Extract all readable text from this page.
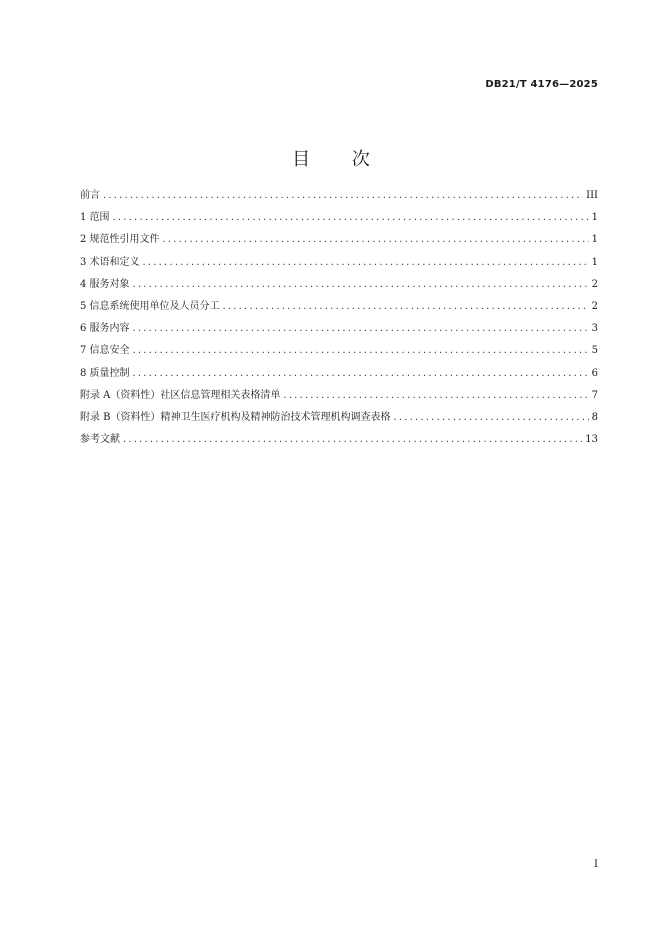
DB21/T 4176—2025
目 次
前言 .....	III
1 范围 .....	1
2 规范性引用文件 .....	1
3 术语和定义 .....	1
4 服务对象 .....	2
5 信息系统使用单位及人员分工 .....	2
6 服务内容 .....	3
7 信息安全 .....	5
8 质量控制 .....	6
附录 A（资料性）社区信息管理相关表格清单 .....	7
附录 B（资料性）精神卫生医疗机构及精神防治技术管理机构调查表格 .....	8
参考文献 .....	13
I
